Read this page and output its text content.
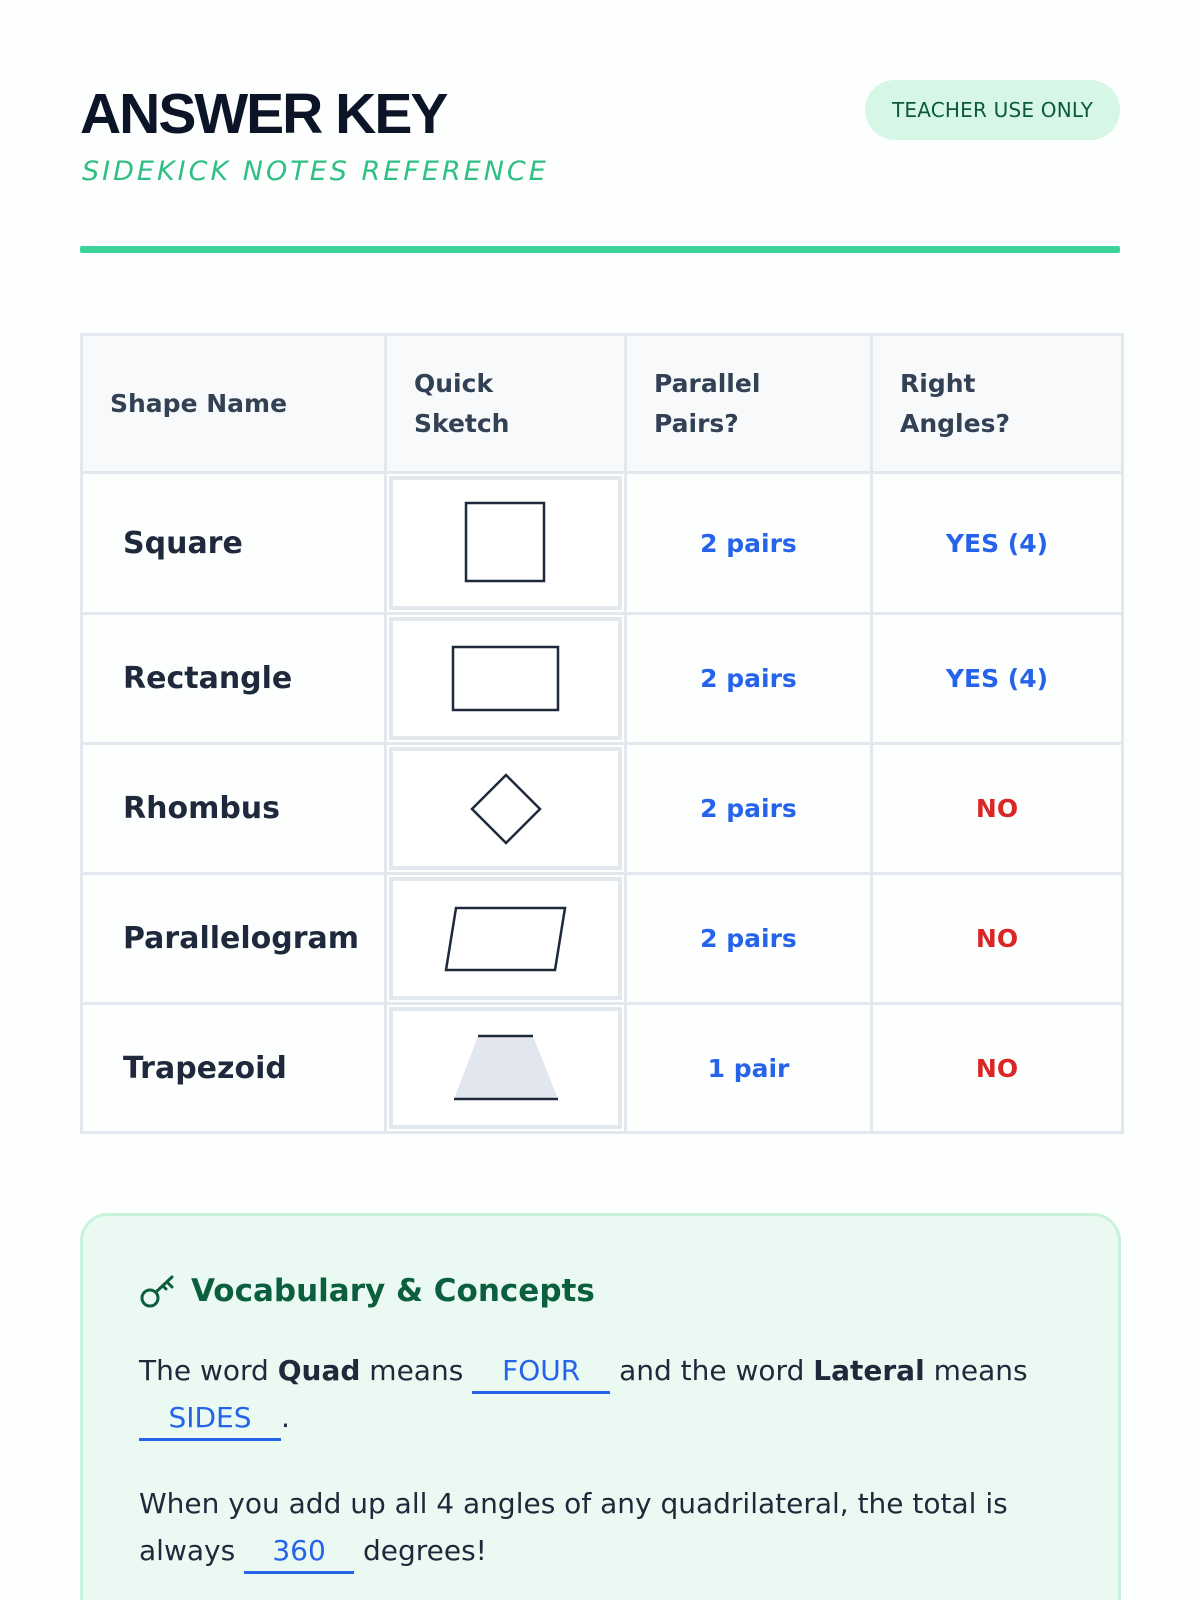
ANSWER KEY
SIDEKICK NOTES REFERENCE
TEACHER USE ONLY
Shape Name	Quick Sketch	Parallel Pairs?	Right Angles?

Square		2 pairs	YES (4)
Rectangle		2 pairs	YES (4)
Rhombus		2 pairs	NO
Parallelogram		2 pairs	NO
Trapezoid		1 pair	NO
Vocabulary & Concepts

The word Quad means FOUR and the word Lateral means SIDES .

When you add up all 4 angles of any quadrilateral, the total is always 360 degrees!
